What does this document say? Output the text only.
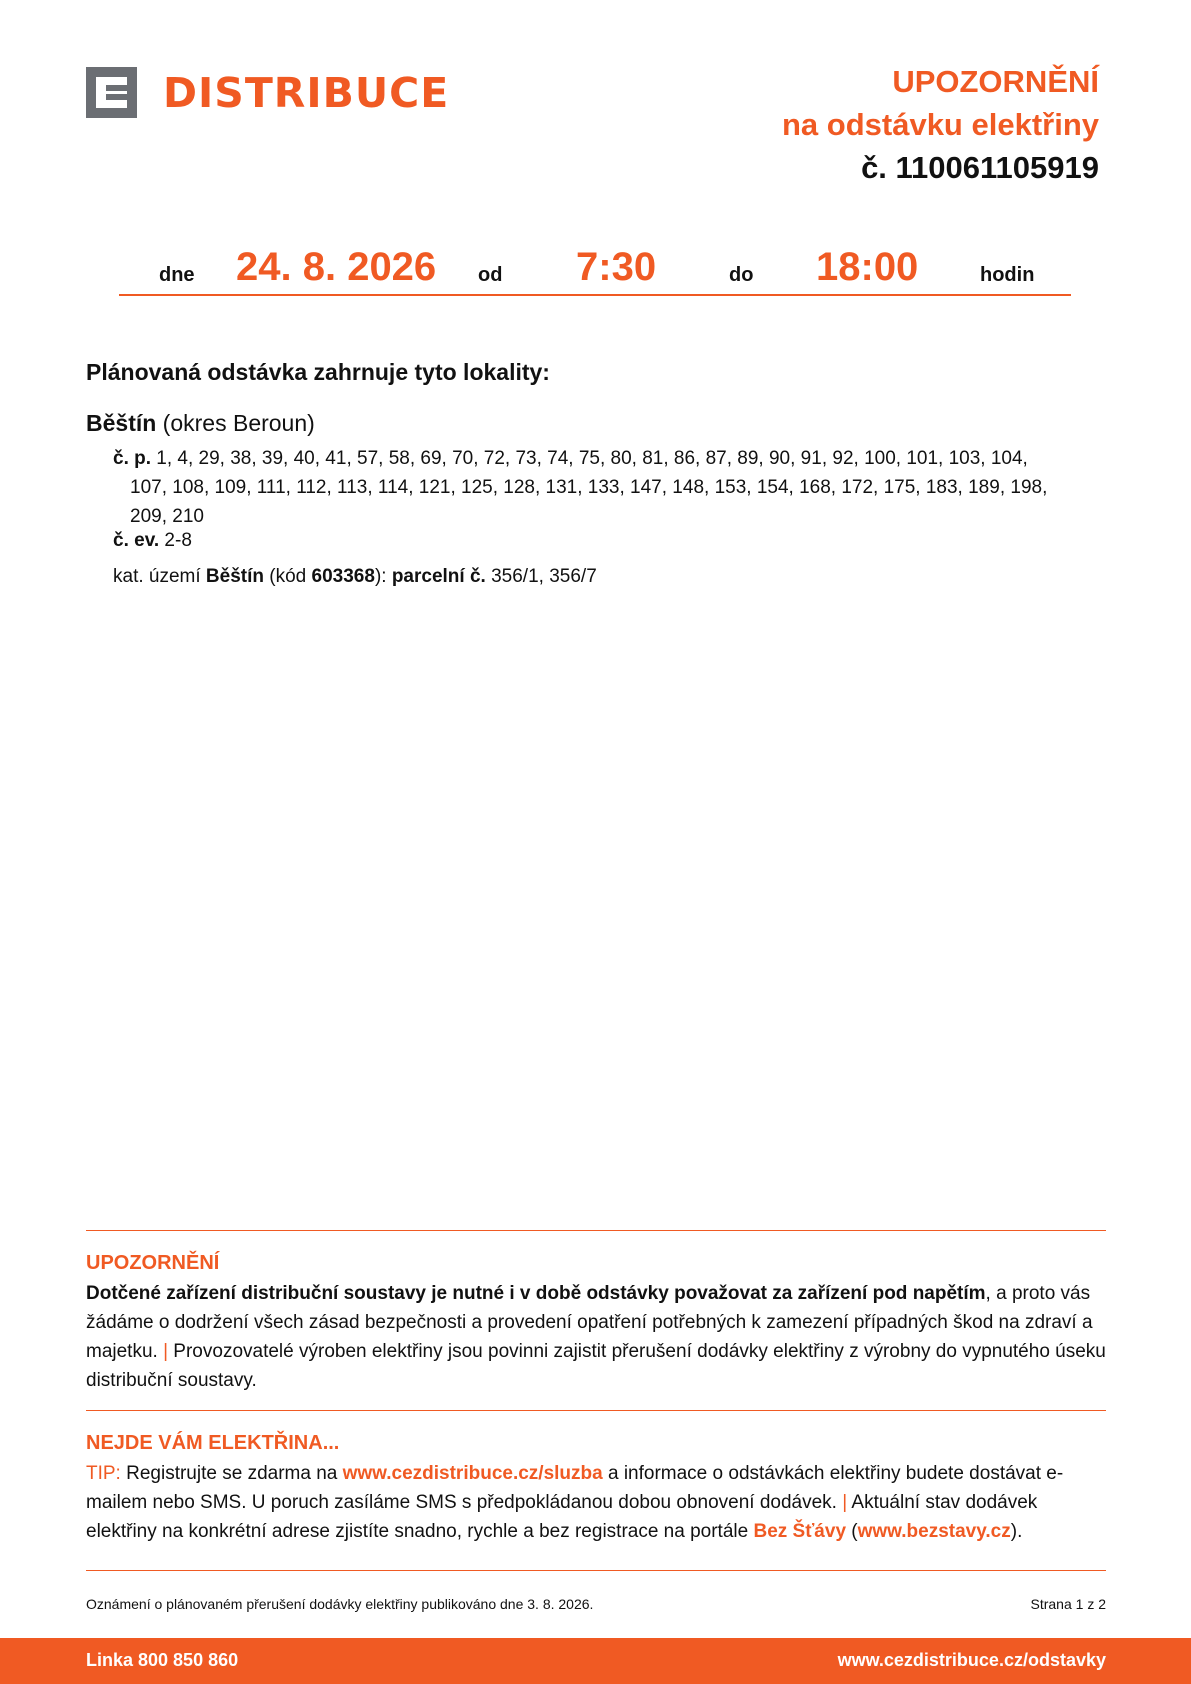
DISTRIBUCE	UPOZORNĚNÍ
na odstávku elektřiny
č. 110061105919
dne 24. 8. 2026 od 7:30	do 18:00	hodin
Plánovaná odstávka zahrnuje tyto lokality:
Běštín (okres Beroun)
č. p. 1, 4, 29, 38, 39, 40, 41, 57, 58, 69, 70, 72, 73, 74, 75, 80, 81, 86, 87, 89, 90, 91, 92, 100, 101, 103, 104,
107, 108, 109, 111, 112, 113, 114, 121, 125, 128, 131, 133, 147, 148, 153, 154, 168, 172, 175, 183, 189, 198,
209, 210
č. ev. 2-8
kat. území Běštín (kód 603368): parcelní č. 356/1, 356/7
UPOZORNĚNÍ
Dotčené zařízení distribuční soustavy je nutné i v době odstávky považovat za zařízení pod napětím, a proto vás žádáme o dodržení všech zásad bezpečnosti a provedení opatření potřebných k zamezení případných škod na zdraví a majetku. | Provozovatelé výroben elektřiny jsou povinni zajistit přerušení dodávky elektřiny z výrobny do vypnutého úseku distribuční soustavy.
NEJDE VÁM ELEKTŘINA...
TIP: Registrujte se zdarma na www.cezdistribuce.cz/sluzba a informace o odstávkách elektřiny budete dostávat e-mailem nebo SMS. U poruch zasíláme SMS s předpokládanou dobou obnovení dodávek. | Aktuální stav dodávek elektřiny na konkrétní adrese zjistíte snadno, rychle a bez registrace na portále Bez Šťávy (www.bezstavy.cz).
Oznámení o plánovaném přerušení dodávky elektřiny publikováno dne 3. 8. 2026.	Strana 1 z 2
Linka 800 850 860	www.cezdistribuce.cz/odstavky
